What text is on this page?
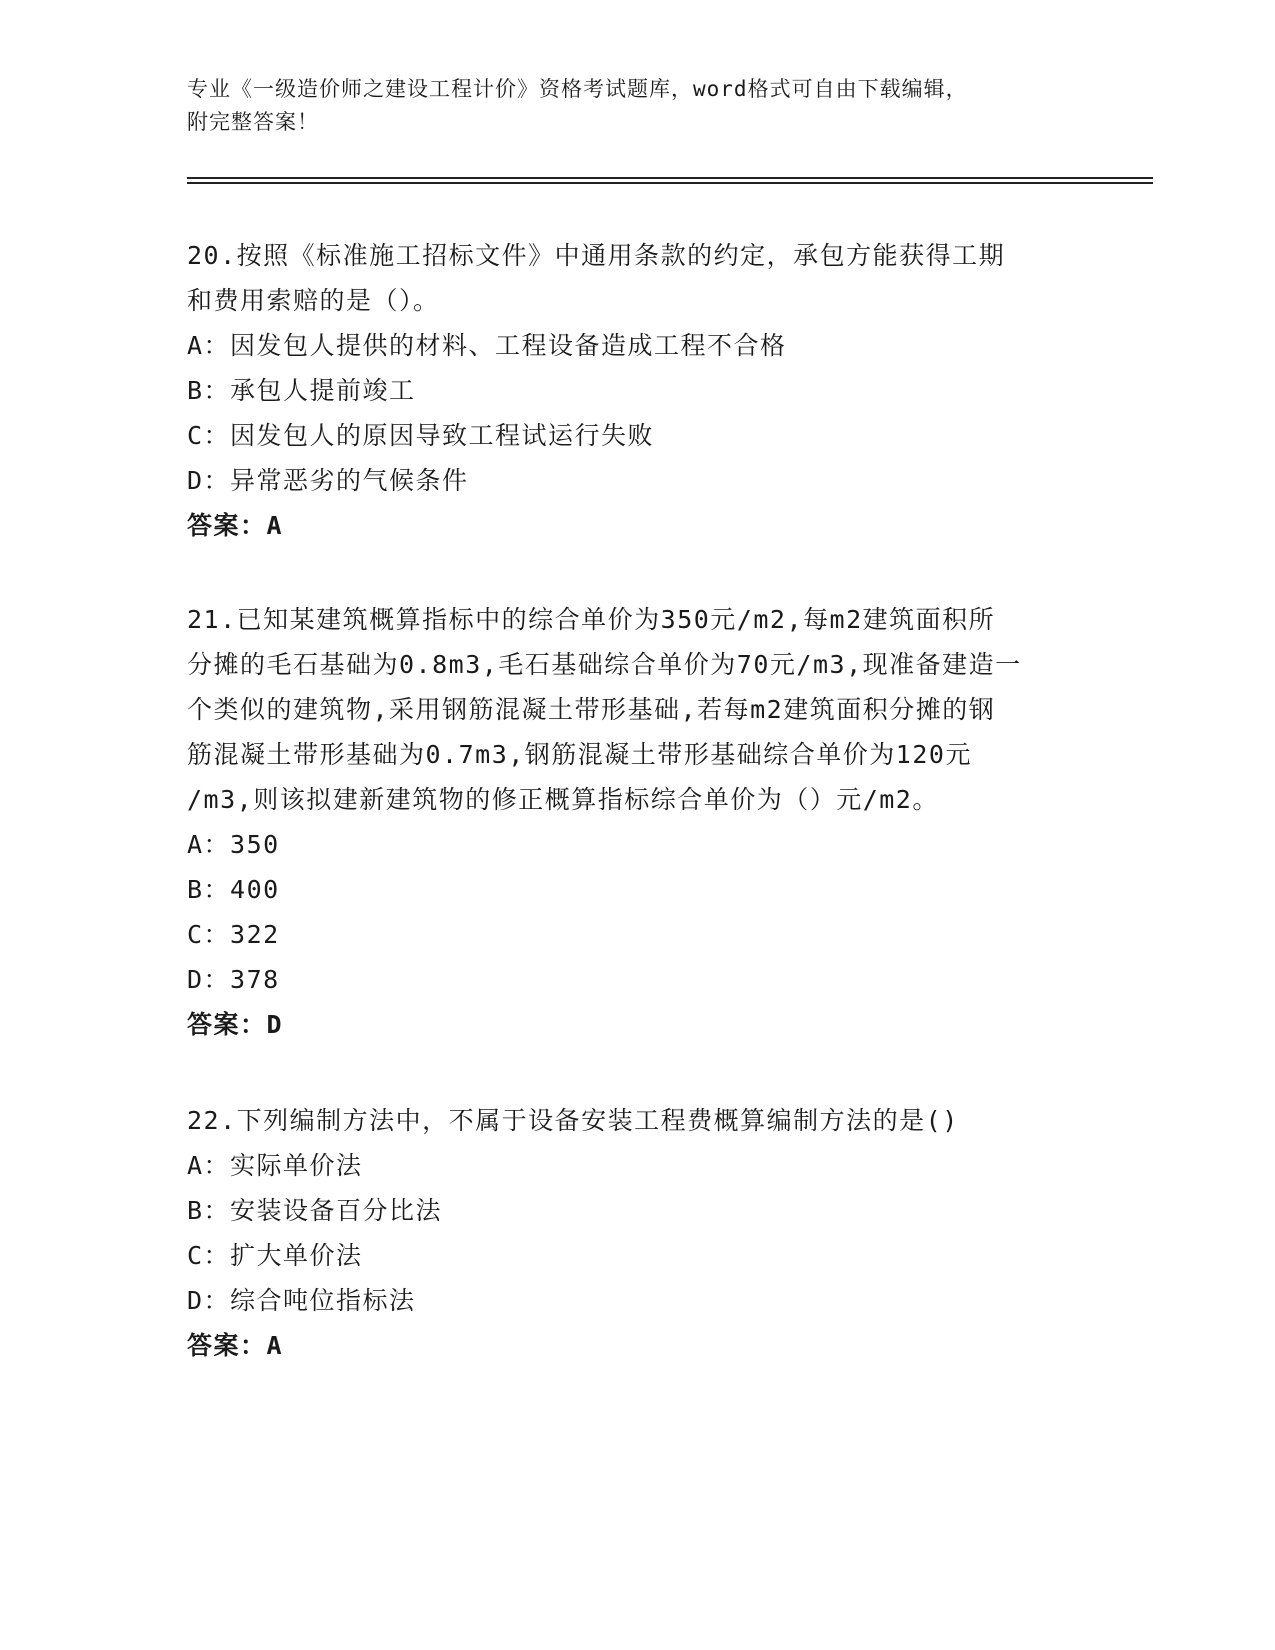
专业《一级造价师之建设工程计价》资格考试题库，word格式可自由下载编辑，
附完整答案！

20.按照《标准施工招标文件》中通用条款的约定，承包方能获得工期

和费用索赔的是（）。

A：因发包人提供的材料、工程设备造成工程不合格

B：承包人提前竣工

C：因发包人的原因导致工程试运行失败

D：异常恶劣的气候条件

答案：A

21.已知某建筑概算指标中的综合单价为350元/m2,每m2建筑面积所

分摊的毛石基础为0.8m3,毛石基础综合单价为70元/m3,现准备建造一

个类似的建筑物,采用钢筋混凝土带形基础,若每m2建筑面积分摊的钢

筋混凝土带形基础为0.7m3,钢筋混凝土带形基础综合单价为120元

/m3,则该拟建新建筑物的修正概算指标综合单价为（）元/m2。

A：350

B：400

C：322

D：378

答案：D

22.下列编制方法中，不属于设备安装工程费概算编制方法的是()

A：实际单价法

B：安装设备百分比法

C：扩大单价法

D：综合吨位指标法

答案：A
